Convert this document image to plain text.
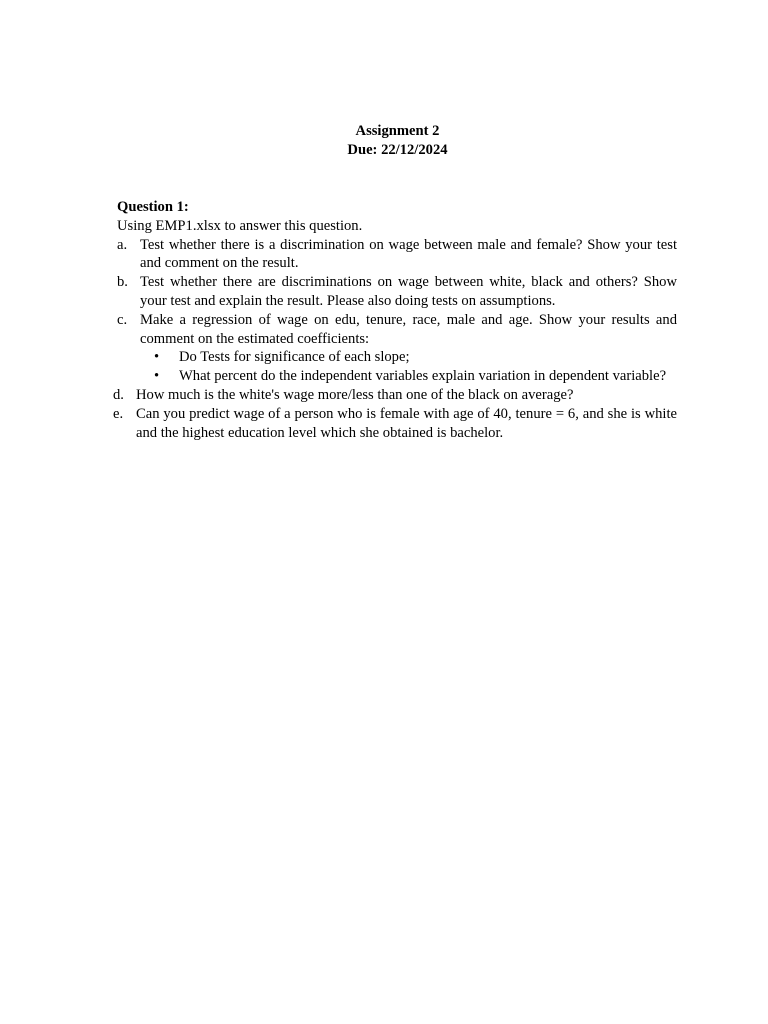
Assignment 2
Due: 22/12/2024
Question 1:
Using EMP1.xlsx to answer this question.
a. Test whether there is a discrimination on wage between male and female? Show your test and comment on the result.
b. Test whether there are discriminations on wage between white, black and others? Show your test and explain the result. Please also doing tests on assumptions.
c. Make a regression of wage on edu, tenure, race, male and age. Show your results and comment on the estimated coefficients:
•	Do Tests for significance of each slope;
•	What percent do the independent variables explain variation in dependent variable?
d. How much is the white's wage more/less than one of the black on average?
e. Can you predict wage of a person who is female with age of 40, tenure = 6, and she is white and the highest education level which she obtained is bachelor.
